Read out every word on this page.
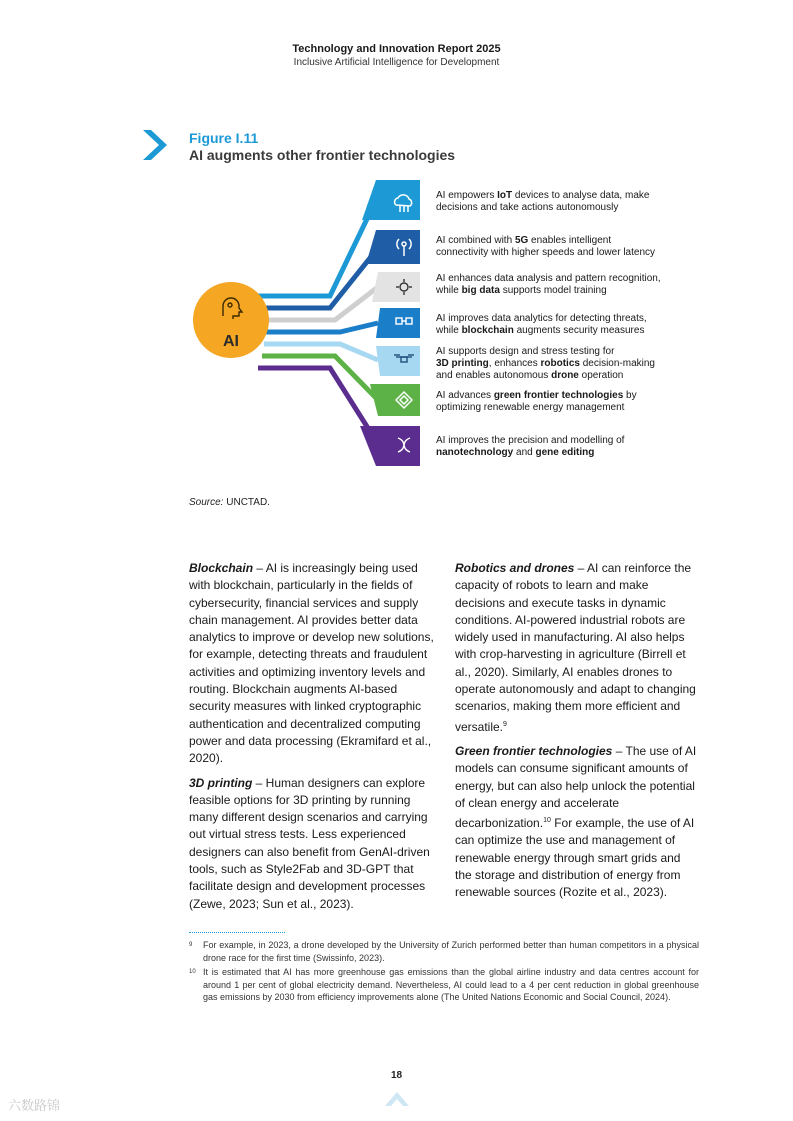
Technology and Innovation Report 2025
Inclusive Artificial Intelligence for Development
Figure I.11
AI augments other frontier technologies
AI
AI empowers IoT devices to analyse data, make
decisions and take actions autonomously
AI combined with 5G enables intelligent
connectivity with higher speeds and lower latency
AI enhances data analysis and pattern recognition,
while big data supports model training
AI improves data analytics for detecting threats,
while blockchain augments security measures
AI supports design and stress testing for
3D printing, enhances robotics decision-making
and enables autonomous drone operation
AI advances green frontier technologies by
optimizing renewable energy management
AI improves the precision and modelling of
nanotechnology and gene editing
Source: UNCTAD.

Blockchain – AI is increasingly being used with blockchain, particularly in the fields of cybersecurity, financial services and supply chain management. AI provides better data analytics to improve or develop new solutions, for example, detecting threats and fraudulent activities and optimizing inventory levels and routing. Blockchain augments AI-based security measures with linked cryptographic authentication and decentralized computing power and data processing (Ekramifard et al., 2020).

3D printing – Human designers can explore feasible options for 3D printing by running many different design scenarios and carrying out virtual stress tests. Less experienced designers can also benefit from GenAI-driven tools, such as Style2Fab and 3D-GPT that facilitate design and development processes (Zewe, 2023; Sun et al., 2023).

Robotics and drones – AI can reinforce the capacity of robots to learn and make decisions and execute tasks in dynamic conditions. AI-powered industrial robots are widely used in manufacturing. AI also helps with crop-harvesting in agriculture (Birrell et al., 2020). Similarly, AI enables drones to operate autonomously and adapt to changing scenarios, making them more efficient and versatile.$^9$

Green frontier technologies – The use of AI models can consume significant amounts of energy, but can also help unlock the potential of clean energy and accelerate decarbonization.$^{10}$ For example, the use of AI can optimize the use and management of renewable energy through smart grids and the storage and distribution of energy from renewable sources (Rozite et al., 2023).

9 For example, in 2023, a drone developed by the University of Zurich performed better than human competitors in a physical drone race for the first time (Swissinfo, 2023).
10 It is estimated that AI has more greenhouse gas emissions than the global airline industry and data centres account for around 1 per cent of global electricity demand. Nevertheless, AI could lead to a 4 per cent reduction in global greenhouse gas emissions by 2030 from efficiency improvements alone (The United Nations Economic and Social Council, 2024).
18
六数路锦
